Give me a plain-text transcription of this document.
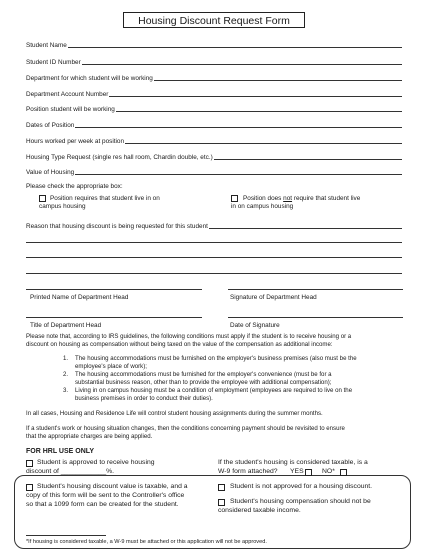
Housing Discount Request Form
Student Name
Student ID Number
Department for which student will be working
Department Account Number
Position student will be working
Dates of Position
Hours worked per week at position
Housing Type Request (single res hall room, Chardin double, etc.)
Value of Housing
Please check the appropriate box:
Position requires that student live in on
campus housing
Position does not require that student live
in on campus housing
Reason that housing discount is being requested for this student
Printed Name of Department Head	Signature of Department Head
Title of Department Head	Date of Signature
Please note that, according to IRS guidelines, the following conditions must apply if the student is to receive housing or a
discount on housing as compensation without being taxed on the value of the compensation as additional income:
1. The housing accommodations must be furnished on the employer's business premises (also must be the
employee's place of work);
2. The housing accommodations must be furnished for the employer's convenience (must be for a
substantial business reason, other than to provide the employee with additional compensation);
3. Living in on campus housing must be a condition of employment (employees are required to live on the
business premises in order to conduct their duties).
In all cases, Housing and Residence Life will control student housing assignments during the summer months.
If a student's work or housing situation changes, then the conditions concerning payment should be revisited to ensure
that the appropriate charges are being applied.
FOR HRL USE ONLY
Student is approved to receive housing
discount of ____________%.
If the student's housing is considered taxable, is a
W-9 form attached? YES	NO*
Student's housing discount value is taxable, and a
copy of this form will be sent to the Controller's office
so that a 1099 form can be created for the student.
Student is not approved for a housing discount.
Student's housing compensation should not be
considered taxable income.
*If housing is considered taxable, a W-9 must be attached or this application will not be approved.
